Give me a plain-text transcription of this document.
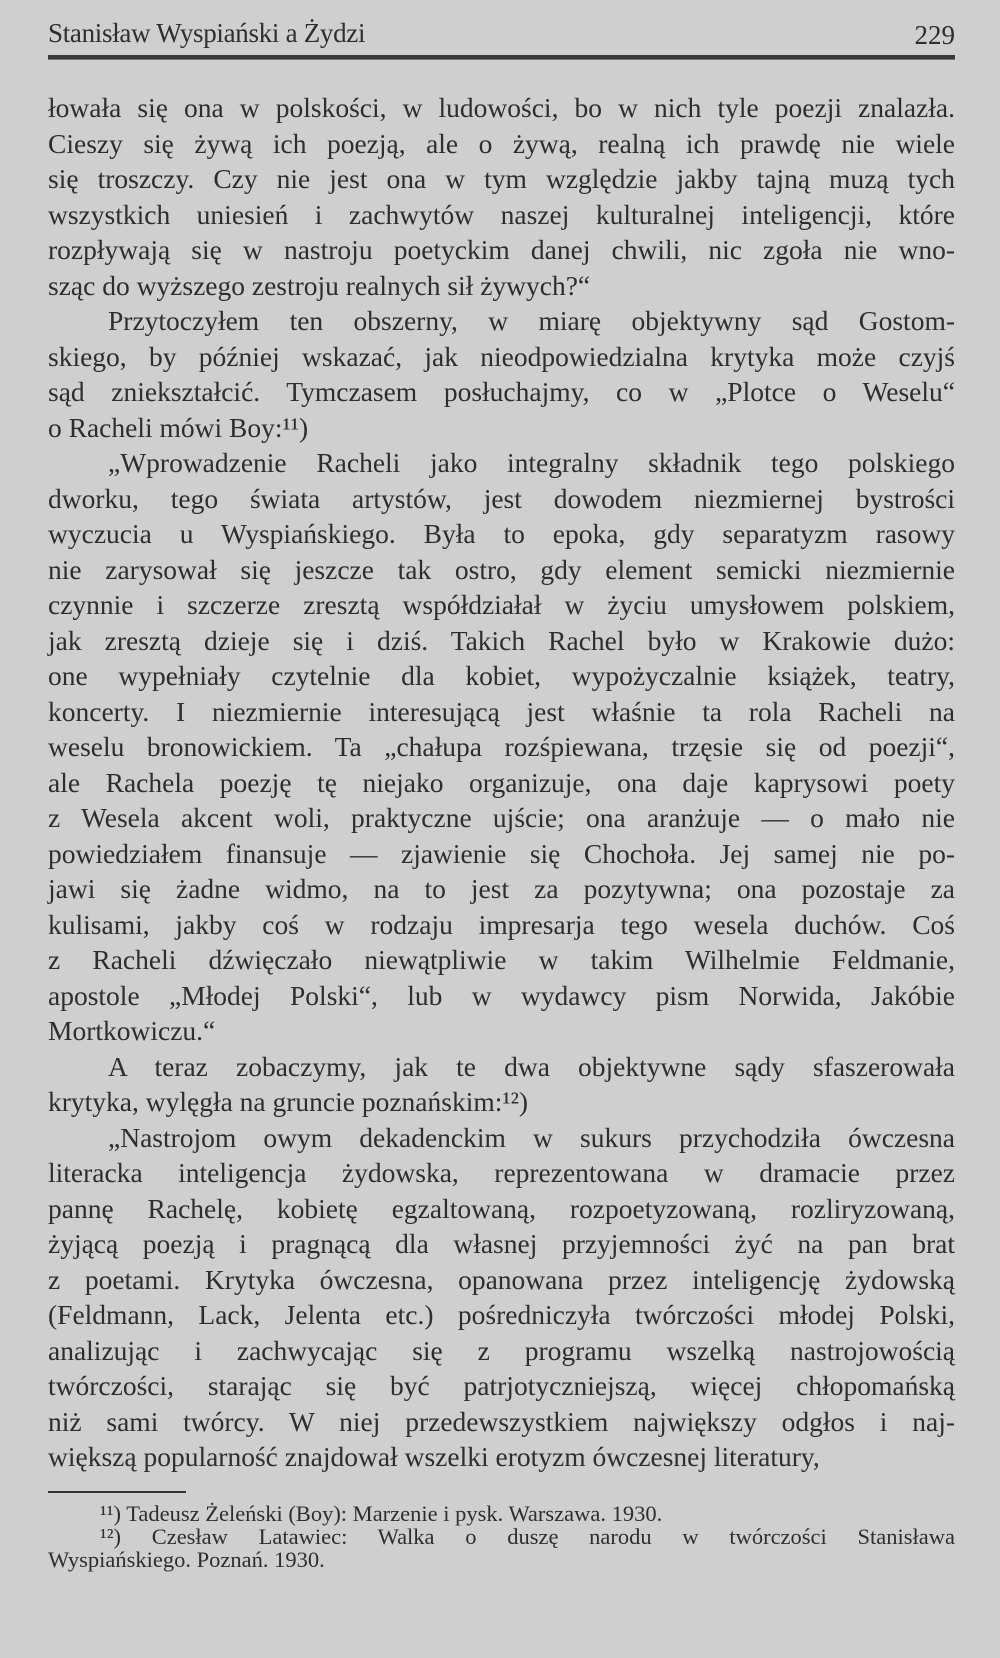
Stanisław Wyspiański a Żydzi	229
łowała się ona w polskości, w ludowości, bo w nich tyle poezji znalazła.
Cieszy się żywą ich poezją, ale o żywą, realną ich prawdę nie wiele
się troszczy. Czy nie jest ona w tym względzie jakby tajną muzą tych
wszystkich uniesień i zachwytów naszej kulturalnej inteligencji, które
rozpływają się w nastroju poetyckim danej chwili, nic zgoła nie wno-
sząc do wyższego zestroju realnych sił żywych?“
Przytoczyłem ten obszerny, w miarę objektywny sąd Gostom-
skiego, by później wskazać, jak nieodpowiedzialna krytyka może czyjś
sąd zniekształcić. Tymczasem posłuchajmy, co w „Plotce o Weselu“
o Racheli mówi Boy:¹¹)
„Wprowadzenie Racheli jako integralny składnik tego polskiego
dworku, tego świata artystów, jest dowodem niezmiernej bystrości
wyczucia u Wyspiańskiego. Była to epoka, gdy separatyzm rasowy
nie zarysował się jeszcze tak ostro, gdy element semicki niezmiernie
czynnie i szczerze zresztą współdziałał w życiu umysłowem polskiem,
jak zresztą dzieje się i dziś. Takich Rachel było w Krakowie dużo:
one wypełniały czytelnie dla kobiet, wypożyczalnie książek, teatry,
koncerty. I niezmiernie interesującą jest właśnie ta rola Racheli na
weselu bronowickiem. Ta „chałupa rozśpiewana, trzęsie się od poezji“,
ale Rachela poezję tę niejako organizuje, ona daje kaprysowi poety
z Wesela akcent woli, praktyczne ujście; ona aranżuje — o mało nie
powiedziałem finansuje — zjawienie się Chochoła. Jej samej nie po-
jawi się żadne widmo, na to jest za pozytywna; ona pozostaje za
kulisami, jakby coś w rodzaju impresarja tego wesela duchów. Coś
z Racheli dźwięczało niewątpliwie w takim Wilhelmie Feldmanie,
apostole „Młodej Polski“, lub w wydawcy pism Norwida, Jakóbie
Mortkowiczu.“
A teraz zobaczymy, jak te dwa objektywne sądy sfaszerowała
krytyka, wylęgła na gruncie poznańskim:¹²)
„Nastrojom owym dekadenckim w sukurs przychodziła ówczesna
literacka inteligencja żydowska, reprezentowana w dramacie przez
pannę Rachelę, kobietę egzaltowaną, rozpoetyzowaną, rozliryzowaną,
żyjącą poezją i pragnącą dla własnej przyjemności żyć na pan brat
z poetami. Krytyka ówczesna, opanowana przez inteligencję żydowską
(Feldmann, Lack, Jelenta etc.) pośredniczyła twórczości młodej Polski,
analizując i zachwycając się z programu wszelką nastrojowością
twórczości, starając się być patrjotyczniejszą, więcej chłopomańską
niż sami twórcy. W niej przedewszystkiem największy odgłos i naj-
większą popularność znajdował wszelki erotyzm ówczesnej literatury,
¹¹) Tadeusz Żeleński (Boy): Marzenie i pysk. Warszawa. 1930.
¹²) Czesław Latawiec: Walka o duszę narodu w twórczości Stanisława
Wyspiańskiego. Poznań. 1930.
